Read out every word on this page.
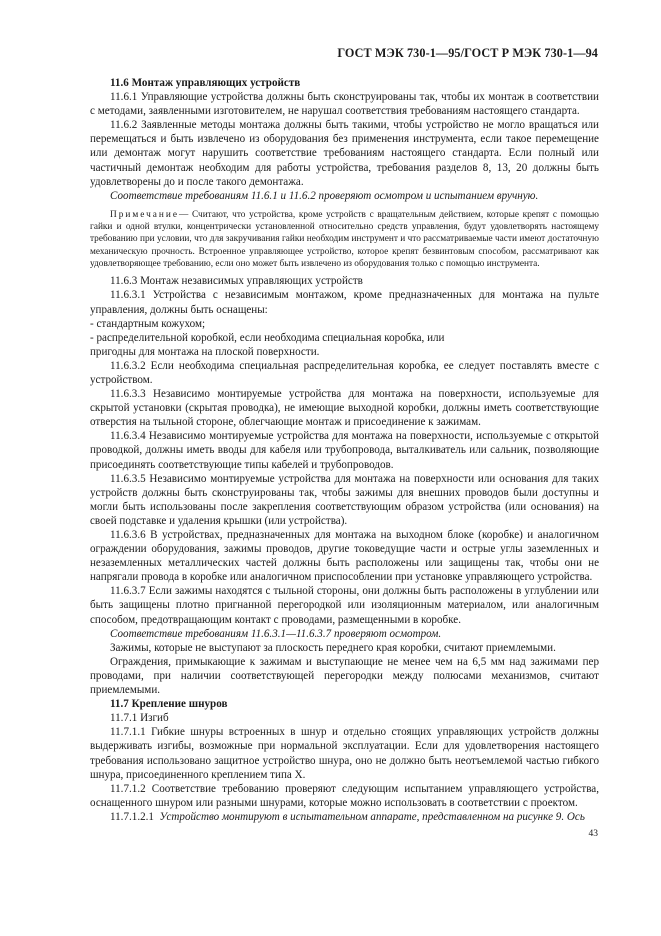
ГОСТ МЭК 730-1—95/ГОСТ Р МЭК 730-1—94

11.6 Монтаж управляющих устройств

11.6.1 Управляющие устройства должны быть сконструированы так, чтобы их монтаж в соответствии с методами, заявленными изготовителем, не нарушал соответствия требованиям настоящего стандарта.

11.6.2 Заявленные методы монтажа должны быть такими, чтобы устройство не могло вращаться или перемещаться и быть извлечено из оборудования без применения инструмента, если такое перемещение или демонтаж могут нарушить соответствие требованиям настоящего стандарта. Если полный или частичный демонтаж необходим для работы устройства, требования разделов 8, 13, 20 должны быть удовлетворены до и после такого демонтажа.

Соответствие требованиям 11.6.1 и 11.6.2 проверяют осмотром и испытанием вручную.

Примечание— Считают, что устройства, кроме устройств с вращательным действием, которые крепят с помощью гайки и одной втулки, концентрически установленной относительно средств управления, будут удовлетворять настоящему требованию при условии, что для закручивания гайки необходим инструмент и что рассматриваемые части имеют достаточную механическую прочность. Встроенное управляющее устройство, которое крепят безвинтовым способом, рассматривают как удовлетворяющее требованию, если оно может быть извлечено из оборудования только с помощью инструмента.

11.6.3 Монтаж независимых управляющих устройств

11.6.3.1 Устройства с независимым монтажом, кроме предназначенных для монтажа на пульте управления, должны быть оснащены:

- стандартным кожухом;

- распределительной коробкой, если необходима специальная коробка, или

пригодны для монтажа на плоской поверхности.

11.6.3.2 Если необходима специальная распределительная коробка, ее следует поставлять вместе с устройством.

11.6.3.3 Независимо монтируемые устройства для монтажа на поверхности, используемые для скрытой установки (скрытая проводка), не имеющие выходной коробки, должны иметь соответствующие отверстия на тыльной стороне, облегчающие монтаж и присоединение к зажимам.

11.6.3.4 Независимо монтируемые устройства для монтажа на поверхности, используемые с открытой проводкой, должны иметь вводы для кабеля или трубопровода, выталкиватель или сальник, позволяющие присоединять соответствующие типы кабелей и трубопроводов.

11.6.3.5 Независимо монтируемые устройства для монтажа на поверхности или основания для таких устройств должны быть сконструированы так, чтобы зажимы для внешних проводов были доступны и могли быть использованы после закрепления соответствующим образом устройства (или основания) на своей подставке и удаления крышки (или устройства).

11.6.3.6 В устройствах, предназначенных для монтажа на выходном блоке (коробке) и аналогичном ограждении оборудования, зажимы проводов, другие токоведущие части и острые углы заземленных и незаземленных металлических частей должны быть расположены или защищены так, чтобы они не напрягали провода в коробке или аналогичном приспособлении при установке управляющего устройства.

11.6.3.7 Если зажимы находятся с тыльной стороны, они должны быть расположены в углублении или быть защищены плотно пригнанной перегородкой или изоляционным материалом, или аналогичным способом, предотвращающим контакт с проводами, размещенными в коробке.

Соответствие требованиям 11.6.3.1—11.6.3.7 проверяют осмотром.

Зажимы, которые не выступают за плоскость переднего края коробки, считают приемлемыми.

Ограждения, примыкающие к зажимам и выступающие не менее чем на 6,5 мм над зажимами пер проводами, при наличии соответствующей перегородки между полюсами механизмов, считают приемлемыми.

11.7 Крепление шнуров

11.7.1 Изгиб

11.7.1.1 Гибкие шнуры встроенных в шнур и отдельно стоящих управляющих устройств должны выдерживать изгибы, возможные при нормальной эксплуатации. Если для удовлетворения настоящего требования использовано защитное устройство шнура, оно не должно быть неотъемлемой частью гибкого шнура, присоединенного креплением типа X.

11.7.1.2 Соответствие требованию проверяют следующим испытанием управляющего устройства, оснащенного шнуром или разными шнурами, которые можно использовать в соответствии с проектом.

11.7.1.2.1 Устройство монтируют в испытательном аппарате, представленном на рисунке 9. Ось

43
